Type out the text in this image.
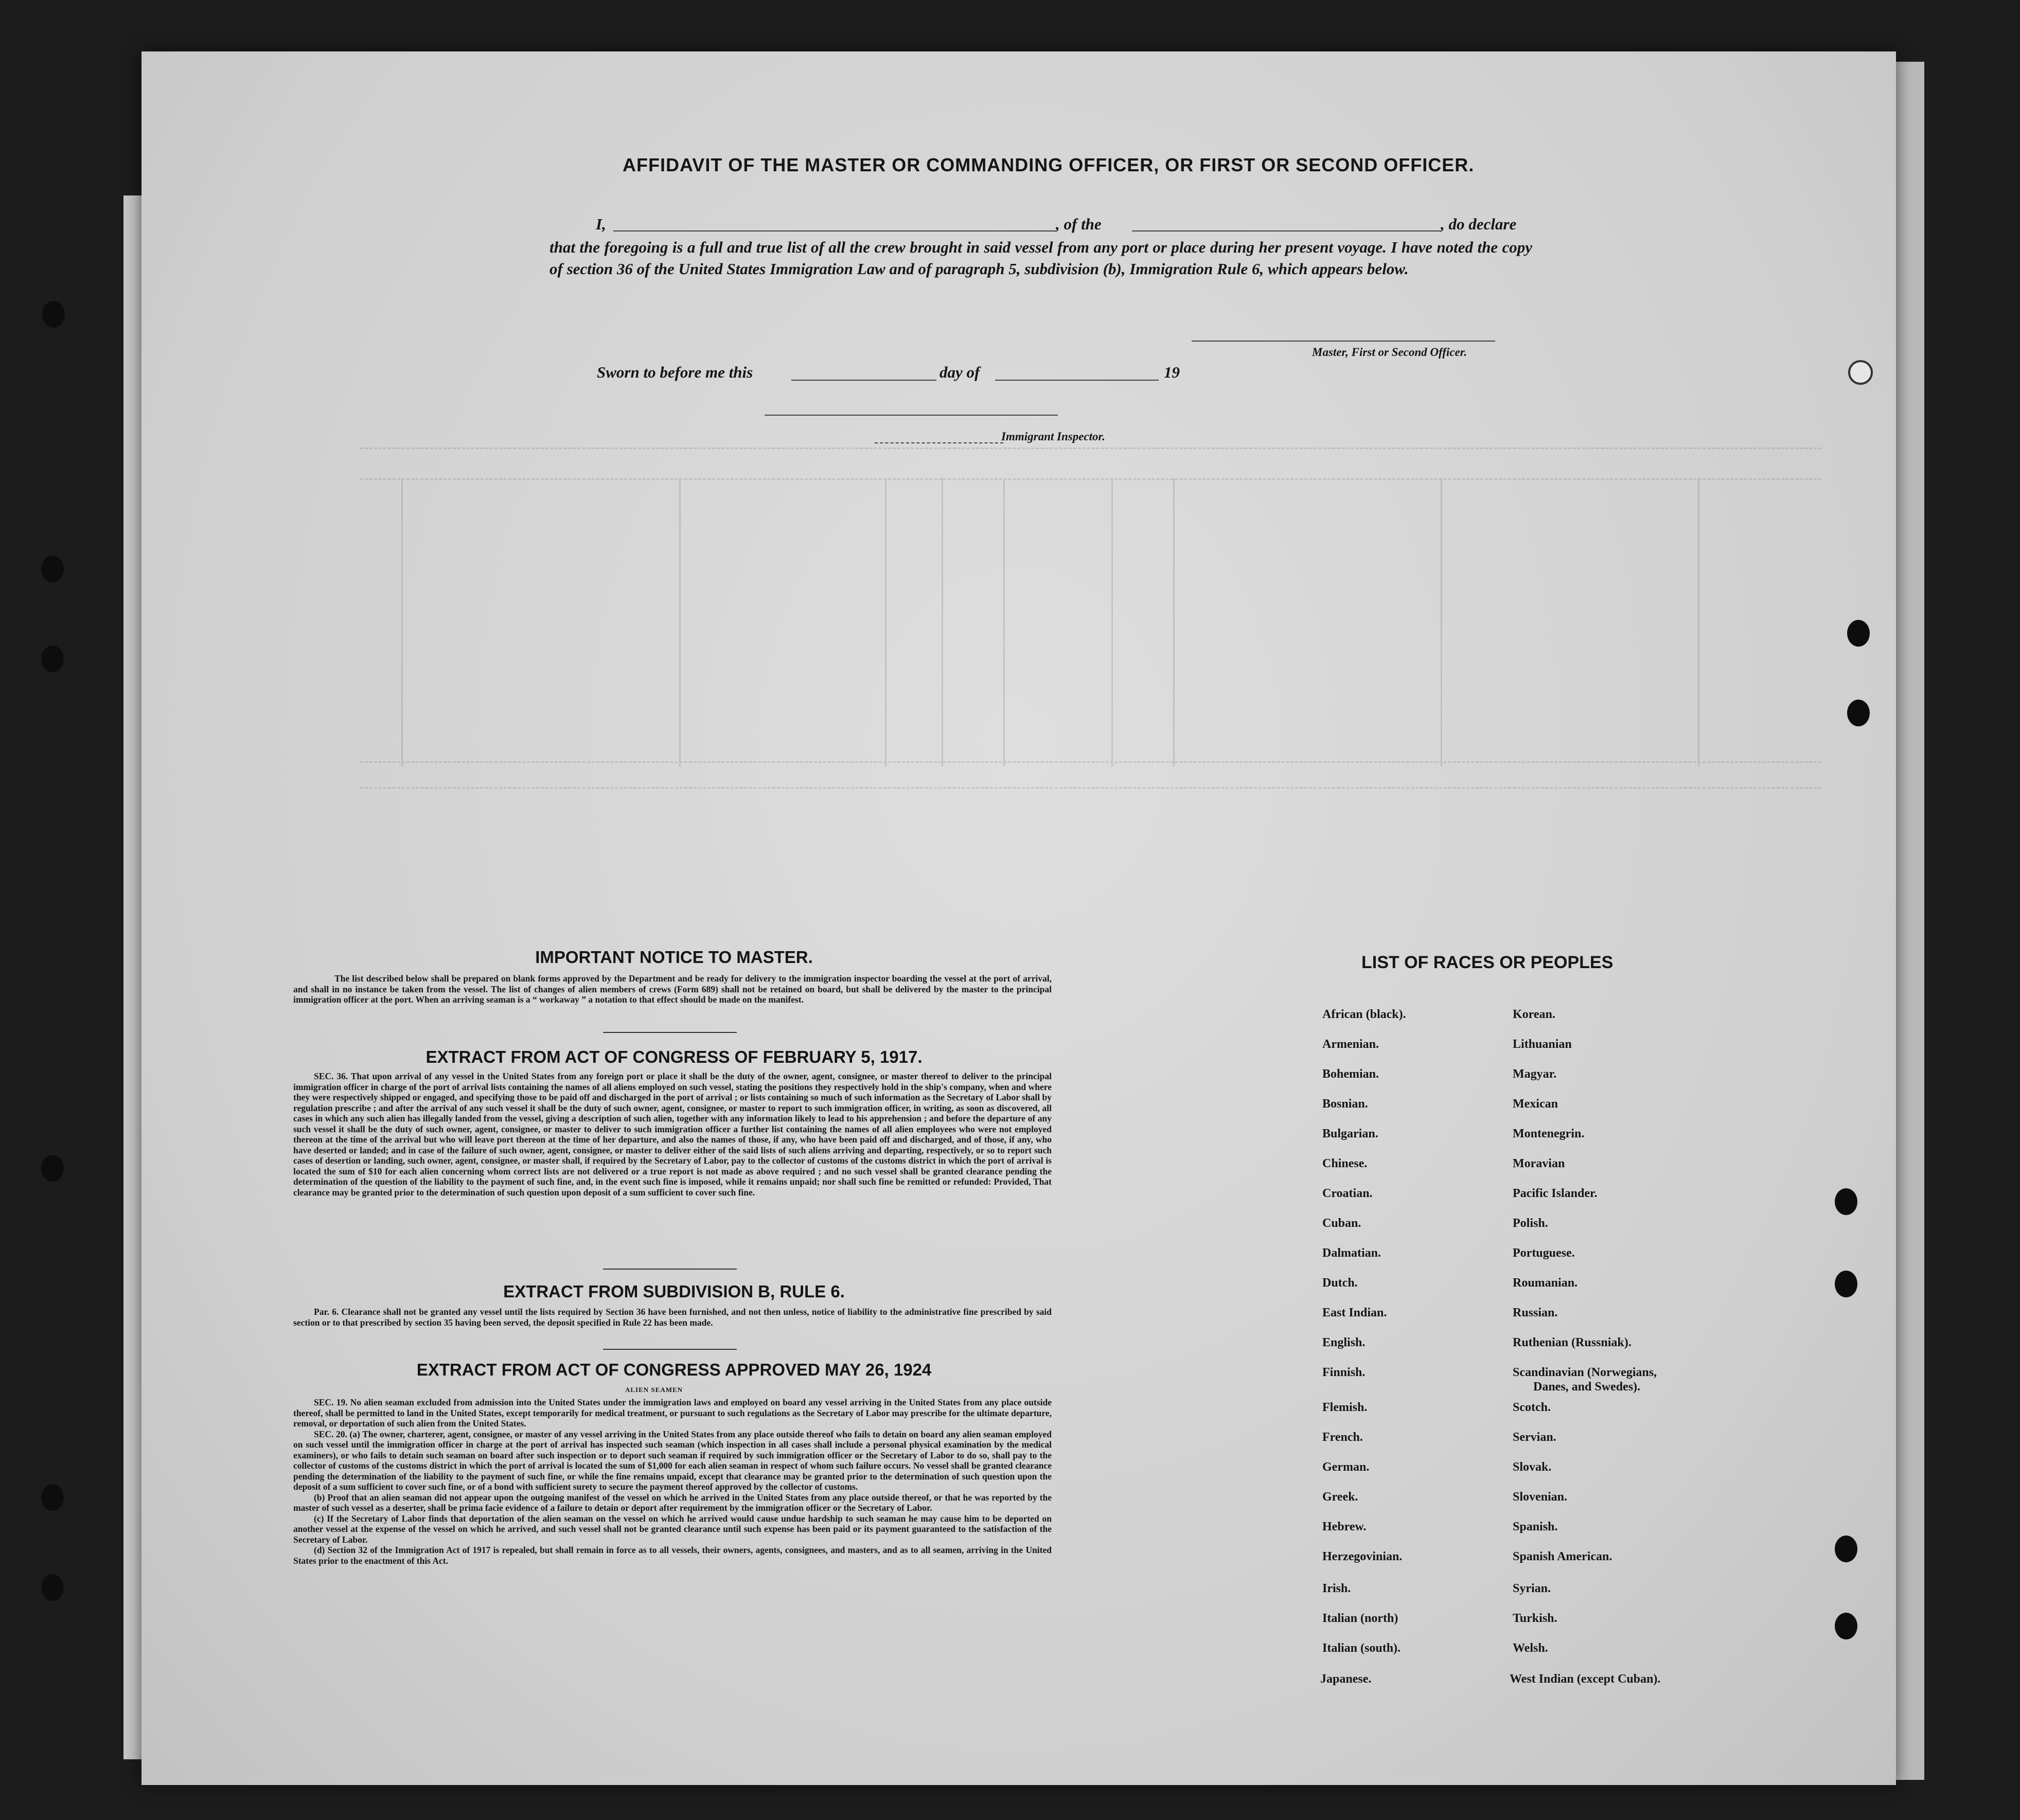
AFFIDAVIT OF THE MASTER OR COMMANDING OFFICER, OR FIRST OR SECOND OFFICER.
I,	, of the	, do declare
that the foregoing is a full and true list of all the crew brought in said vessel from any port or place during her present voyage. I have noted the copy of section 36 of the United States Immigration Law and of paragraph 5, subdivision (b), Immigration Rule 6, which appears below.
Master, First or Second Officer.
Sworn to before me this	day of	19
Immigrant Inspector.
IMPORTANT NOTICE TO MASTER.
The list described below shall be prepared on blank forms approved by the Department and be ready for delivery to the immigration inspector boarding the vessel at the port of arrival, and shall in no instance be taken from the vessel. The list of changes of alien members of crews (Form 689) shall not be retained on board, but shall be delivered by the master to the principal immigration officer at the port. When an arriving seaman is a “ workaway ” a notation to that effect should be made on the manifest.
EXTRACT FROM ACT OF CONGRESS OF FEBRUARY 5, 1917.
SEC. 36. That upon arrival of any vessel in the United States from any foreign port or place it shall be the duty of the owner, agent, consignee, or master thereof to deliver to the principal immigration officer in charge of the port of arrival lists containing the names of all aliens employed on such vessel, stating the positions they respectively hold in the ship's company, when and where they were respectively shipped or engaged, and specifying those to be paid off and discharged in the port of arrival ; or lists containing so much of such information as the Secretary of Labor shall by regulation prescribe ; and after the arrival of any such vessel it shall be the duty of such owner, agent, consignee, or master to report to such immigration officer, in writing, as soon as discovered, all cases in which any such alien has illegally landed from the vessel, giving a description of such alien, together with any information likely to lead to his apprehension ; and before the departure of any such vessel it shall be the duty of such owner, agent, consignee, or master to deliver to such immigration officer a further list containing the names of all alien employees who were not employed thereon at the time of the arrival but who will leave port thereon at the time of her departure, and also the names of those, if any, who have been paid off and discharged, and of those, if any, who have deserted or landed; and in case of the failure of such owner, agent, consignee, or master to deliver either of the said lists of such aliens arriving and departing, respectively, or so to report such cases of desertion or landing, such owner, agent, consignee, or master shall, if required by the Secretary of Labor, pay to the collector of customs of the customs district in which the port of arrival is located the sum of $10 for each alien concerning whom correct lists are not delivered or a true report is not made as above required ; and no such vessel shall be granted clearance pending the determination of the question of the liability to the payment of such fine, and, in the event such fine is imposed, while it remains unpaid; nor shall such fine be remitted or refunded: Provided, That clearance may be granted prior to the determination of such question upon deposit of a sum sufficient to cover such fine.
EXTRACT FROM SUBDIVISION B, RULE 6.
Par. 6. Clearance shall not be granted any vessel until the lists required by Section 36 have been furnished, and not then unless, notice of liability to the administrative fine prescribed by said section or to that prescribed by section 35 having been served, the deposit specified in Rule 22 has been made.
EXTRACT FROM ACT OF CONGRESS APPROVED MAY 26, 1924
ALIEN SEAMEN
SEC. 19. No alien seaman excluded from admission into the United States under the immigration laws and employed on board any vessel arriving in the United States from any place outside thereof, shall be permitted to land in the United States, except temporarily for medical treatment, or pursuant to such regulations as the Secretary of Labor may prescribe for the ultimate departure, removal, or deportation of such alien from the United States.
SEC. 20. (a) The owner, charterer, agent, consignee, or master of any vessel arriving in the United States from any place outside thereof who fails to detain on board any alien seaman employed on such vessel until the immigration officer in charge at the port of arrival has inspected such seaman (which inspection in all cases shall include a personal physical examination by the medical examiners), or who fails to detain such seaman on board after such inspection or to deport such seaman if required by such immigration officer or the Secretary of Labor to do so, shall pay to the collector of customs of the customs district in which the port of arrival is located the sum of $1,000 for each alien seaman in respect of whom such failure occurs. No vessel shall be granted clearance pending the determination of the liability to the payment of such fine, or while the fine remains unpaid, except that clearance may be granted prior to the determination of such question upon the deposit of a sum sufficient to cover such fine, or of a bond with sufficient surety to secure the payment thereof approved by the collector of customs.
(b) Proof that an alien seaman did not appear upon the outgoing manifest of the vessel on which he arrived in the United States from any place outside thereof, or that he was reported by the master of such vessel as a deserter, shall be prima facie evidence of a failure to detain or deport after requirement by the immigration officer or the Secretary of Labor.
(c) If the Secretary of Labor finds that deportation of the alien seaman on the vessel on which he arrived would cause undue hardship to such seaman he may cause him to be deported on another vessel at the expense of the vessel on which he arrived, and such vessel shall not be granted clearance until such expense has been paid or its payment guaranteed to the satisfaction of the Secretary of Labor.
(d) Section 32 of the Immigration Act of 1917 is repealed, but shall remain in force as to all vessels, their owners, agents, consignees, and masters, and as to all seamen, arriving in the United States prior to the enactment of this Act.
LIST OF RACES OR PEOPLES
African (black).
Armenian.
Bohemian.
Bosnian.
Bulgarian.
Chinese.
Croatian.
Cuban.
Dalmatian.
Dutch.
East Indian.
English.
Finnish.
Flemish.
French.
German.
Greek.
Hebrew.
Herzegovinian.
Irish.
Italian (north)
Italian (south).
Japanese.
Korean.
Lithuanian
Magyar.
Mexican
Montenegrin.
Moravian
Pacific Islander.
Polish.
Portuguese.
Roumanian.
Russian.
Ruthenian (Russniak).
Scandinavian (Norwegians,
Danes, and Swedes).
Scotch.
Servian.
Slovak.
Slovenian.
Spanish.
Spanish American.
Syrian.
Turkish.
Welsh.
West Indian (except Cuban).
